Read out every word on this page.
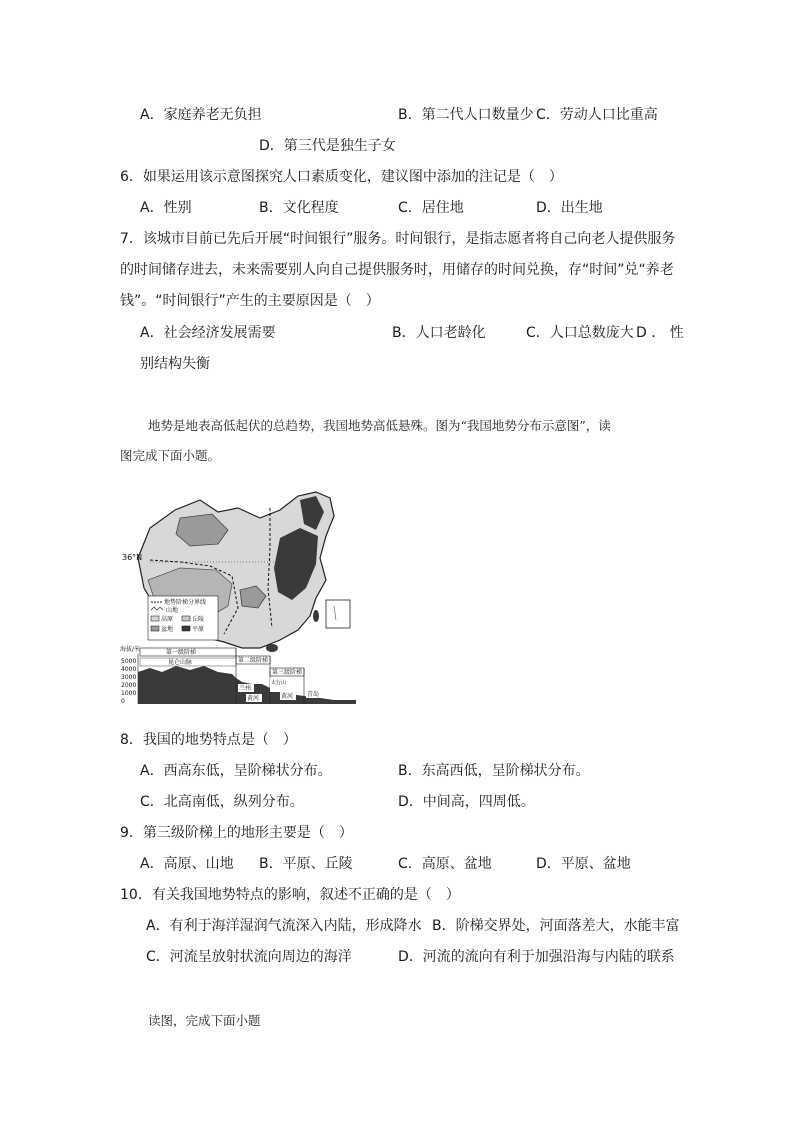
A．家庭养老无负担	B．第二代人口数量少 C．劳动人口比重高
D．第三代是独生子女
6．如果运用该示意图探究人口素质变化，建议图中添加的注记是（　）
A．性别	B．文化程度	C．居住地	D．出生地
7．该城市目前已先后开展“时间银行”服务。时间银行，是指志愿者将自己向老人提供服务
的时间储存进去，未来需要别人向自己提供服务时，用储存的时间兑换，存“时间”兑“养老
钱”。“时间银行”产生的主要原因是（　）
A．社会经济发展需要	B．人口老龄化	C．人口总数庞大 D ． 性
别结构失衡
地势是地表高低起伏的总趋势，我国地势高低悬殊。图为“我国地势分布示意图”，读
图完成下面小题。
36°N
地势阶梯分界线
山地
高原	丘陵
盆地	平原
海拔/米
5000
4000
3000
2000
1000
0
第一级阶梯
第二级阶梯
第三级阶梯
昆仑山脉
兰州
太行山
黄河	黄河 青岛
8．我国的地势特点是（　）
A．西高东低，呈阶梯状分布。	B．东高西低，呈阶梯状分布。
C．北高南低，纵列分布。	D．中间高，四周低。
9．第三级阶梯上的地形主要是（　）
A．高原、山地 B．平原、丘陵	C．高原、盆地	D．平原、盆地
10．有关我国地势特点的影响，叙述不正确的是（　）
A．有利于海洋湿润气流深入内陆，形成降水 B．阶梯交界处，河面落差大，水能丰富
C．河流呈放射状流向周边的海洋	D．河流的流向有利于加强沿海与内陆的联系
读图，完成下面小题
